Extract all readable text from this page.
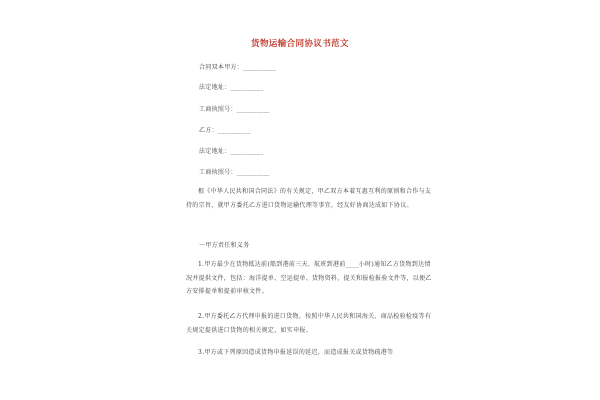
货物运输合同协议书范文
合同双本甲方：__________
法定地址：__________
工商执照号：__________
乙方：__________
法定地址：__________
工商执照号：__________
根《中华人民共和国合同法》的有关规定，甲乙双方本着互惠互利的原则和合作与支持的宗旨，就甲方委托乙方进口货物运输代理等事宜，经友好协商达成如下协议。
一甲方责任和义务
1.甲方最少在货物抵达前(船到港前三天、航班到港前____小时)通知乙方货物到达情况并提供文件，包括：海洋提单、空运提单、货物资料，提关和报检报验文件等，以便乙方安排提单和提前审核文件。
2.甲方委托乙方代理申报的进口货物，按照中华人民共和国海关、商品检验检疫等有关规定提供进口货物的相关规定，如实申报。
3.甲方或下列原因造成货物申报延误的延迟，而造成报关或货物疏港等
